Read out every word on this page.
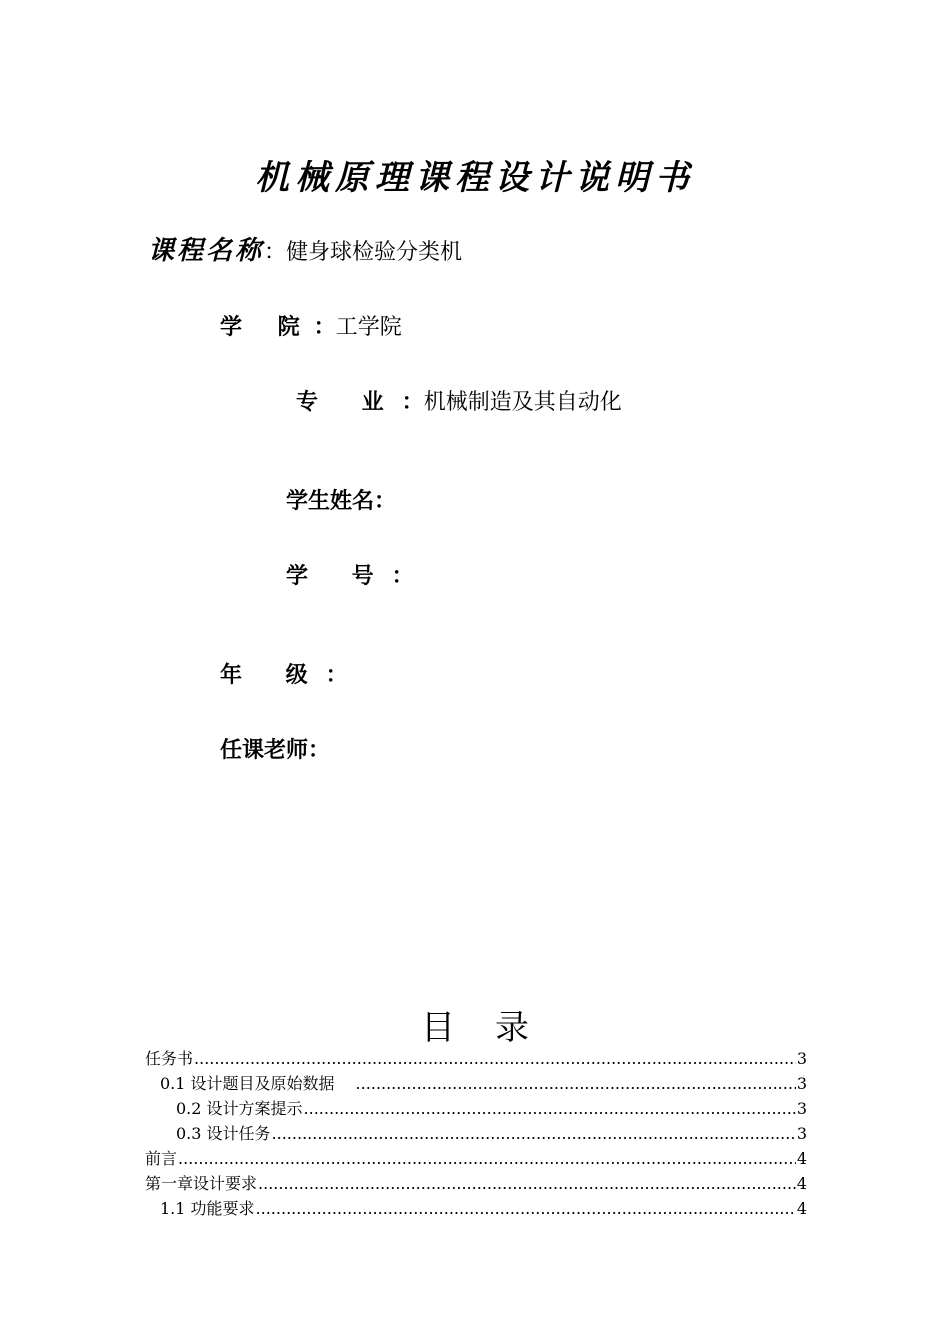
机械原理课程设计说明书
课程名称：健身球检验分类机
学 院：工学院
专 业：机械制造及其自动化
学生姓名：
学 号：
年 级：
任课老师：
目 录
任务书 .....	3
0.1 设计题目及原始数据 .....	3
0.2 设计方案提示 .....	3
0.3 设计任务 .....	3
前言 .....	4
第一章设计要求 .....	4
1.1 功能要求 .....	4
